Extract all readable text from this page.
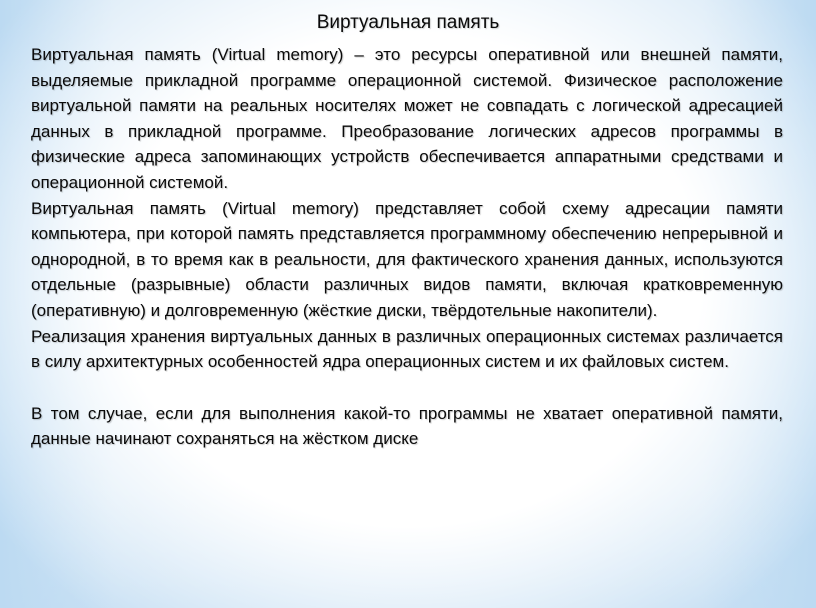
Виртуальная память

Виртуальная память (Virtual memory) – это ресурсы оперативной или внешней памяти, выделяемые прикладной программе операционной системой. Физическое расположение виртуальной памяти на реальных носителях может не совпадать с логической адресацией данных в прикладной программе. Преобразование логических адресов программы в физические адреса запоминающих устройств обеспечивается аппаратными средствами и операционной системой.

Виртуальная память (Virtual memory) представляет собой схему адресации памяти компьютера, при которой память представляется программному обеспечению непрерывной и однородной, в то время как в реальности, для фактического хранения данных, используются отдельные (разрывные) области различных видов памяти, включая кратковременную (оперативную) и долговременную (жёсткие диски, твёрдотельные накопители).

Реализация хранения виртуальных данных в различных операционных системах различается в силу архитектурных особенностей ядра операционных систем и их файловых систем.

В том случае, если для выполнения какой-то программы не хватает оперативной памяти, данные начинают сохраняться на жёстком диске
